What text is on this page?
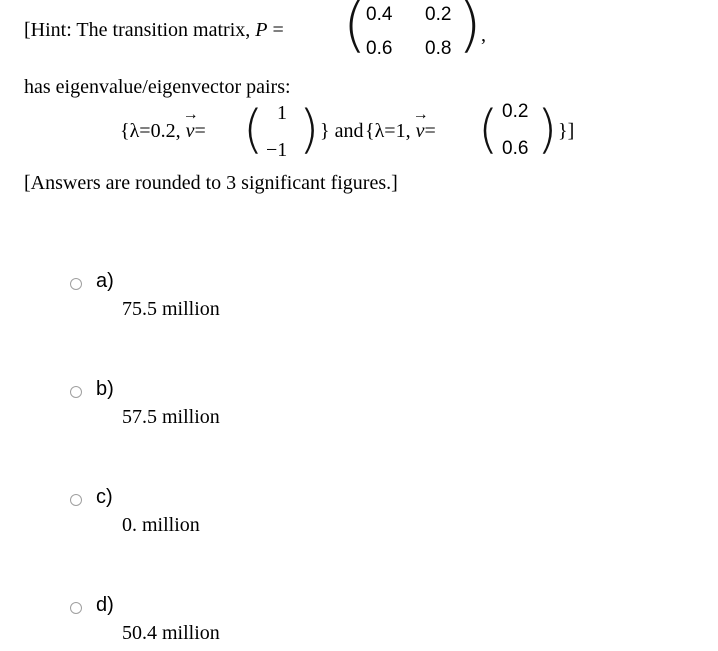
[Hint: The transition matrix, P = ( 0.4 0.2
0.6 0.8 ) ,
has eigenvalue/eigenvector pairs:
{λ=0.2, v
→
= ( 1
−1 ) } and {λ=1, v
→
= ( 0.2
0.6 ) }]
[Answers are rounded to 3 significant figures.]
a)
75.5 million
b)
57.5 million
c)
0. million
d)
50.4 million
